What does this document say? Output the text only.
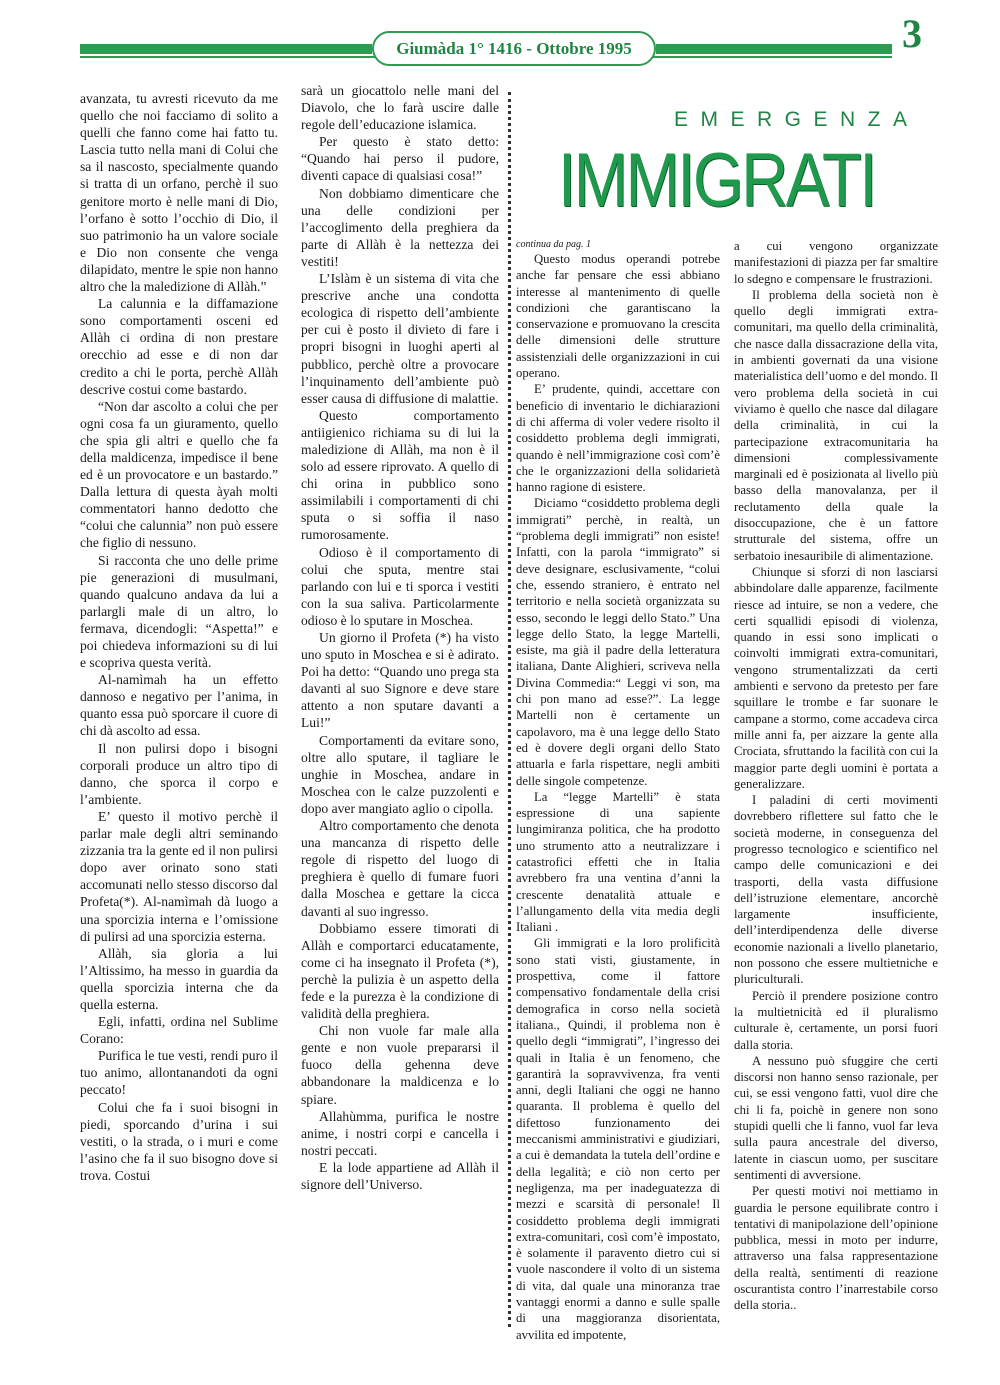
Giumàda 1° 1416 - Ottobre 1995	3
EMERGENZA
IMMIGRATI

avanzata, tu avresti ricevuto da me quello che noi facciamo di solito a quelli che fanno come hai fatto tu. Lascia tutto nella mani di Colui che sa il nascosto, specialmente quando si tratta di un orfano, perchè il suo genitore morto è nelle mani di Dio, l’orfano è sotto l’occhio di Dio, il suo patrimonio ha un valore sociale e Dio non consente che venga dilapidato, mentre le spie non hanno altro che la maledizione di Allàh.”

La calunnia e la diffamazione sono comportamenti osceni ed Allàh ci ordina di non prestare orecchio ad esse e di non dar credito a chi le porta, perchè Allàh descrive costui come bastardo.

“Non dar ascolto a colui che per ogni cosa fa un giuramento, quello che spia gli altri e quello che fa della maldicenza, impedisce il bene ed è un provocatore e un bastardo.” Dalla lettura di questa àyah molti commentatori hanno dedotto che “colui che calunnia” non può essere che figlio di nessuno.

Si racconta che uno delle prime pie generazioni di musulmani, quando qualcuno andava da lui a parlargli male di un altro, lo fermava, dicendogli: “Aspetta!” e poi chiedeva informazioni su di lui e scopriva questa verità.

Al-namìmah ha un effetto dannoso e negativo per l’anima, in quanto essa può sporcare il cuore di chi dà ascolto ad essa.

Il non pulirsi dopo i bisogni corporali produce un altro tipo di danno, che sporca il corpo e l’ambiente.

E’ questo il motivo perchè il parlar male degli altri seminando zizzania tra la gente ed il non pulirsi dopo aver orinato sono stati accomunati nello stesso discorso dal Profeta(*). Al-namìmah dà luogo a una sporcizia interna e l’omissione di pulirsi ad una sporcizia esterna.

Allàh, sia gloria a lui l’Altissimo, ha messo in guardia da quella sporcizia interna che da quella esterna.

Egli, infatti, ordina nel Sublime Corano:

Purifica le tue vesti, rendi puro il tuo animo, allontanandoti da ogni peccato!

Colui che fa i suoi bisogni in piedi, sporcando d’urina i sui vestiti, o la strada, o i muri e come l’asino che fa il suo bisogno dove si trova. Costui

sarà un giocattolo nelle mani del Diavolo, che lo farà uscire dalle regole dell’educazione islamica.

Per questo è stato detto: “Quando hai perso il pudore, diventi capace di qualsiasi cosa!”

Non dobbiamo dimenticare che una delle condizioni per l’accoglimento della preghiera da parte di Allàh è la nettezza dei vestiti!

L’Islàm è un sistema di vita che prescrive anche una condotta ecologica di rispetto dell’ambiente per cui è posto il divieto di fare i propri bisogni in luoghi aperti al pubblico, perchè oltre a provocare l’inquinamento dell’ambiente può esser causa di diffusione di malattie.

Questo comportamento antiigienico richiama su di lui la maledizione di Allàh, ma non è il solo ad essere riprovato. A quello di chi orina in pubblico sono assimilabili i comportamenti di chi sputa o si soffia il naso rumorosamente.

Odioso è il comportamento di colui che sputa, mentre stai parlando con lui e ti sporca i vestiti con la sua saliva. Particolarmente odioso è lo sputare in Moschea.

Un giorno il Profeta (*) ha visto uno sputo in Moschea e si è adirato. Poi ha detto: “Quando uno prega sta davanti al suo Signore e deve stare attento a non sputare davanti a Lui!”

Comportamenti da evitare sono, oltre allo sputare, il tagliare le unghie in Moschea, andare in Moschea con le calze puzzolenti e dopo aver mangiato aglio o cipolla.

Altro comportamento che denota una mancanza di rispetto delle regole di rispetto del luogo di preghiera è quello di fumare fuori dalla Moschea e gettare la cicca davanti al suo ingresso.

Dobbiamo essere timorati di Allàh e comportarci educatamente, come ci ha insegnato il Profeta (*), perchè la pulizia è un aspetto della fede e la purezza è la condizione di validità della preghiera.

Chi non vuole far male alla gente e non vuole prepararsi il fuoco della gehenna deve abbandonare la maldicenza e lo spiare.

Allahùmma, purifica le nostre anime, i nostri corpi e cancella i nostri peccati.

E la lode appartiene ad Allàh il signore dell’Universo.

continua da pag. 1

Questo modus operandi potrebe anche far pensare che essi abbiano interesse al mantenimento di quelle condizioni che garantiscano la conservazione e promuovano la crescita delle dimensioni delle strutture assistenziali delle organizzazioni in cui operano.

E’ prudente, quindi, accettare con beneficio di inventario le dichiarazioni di chi afferma di voler vedere risolto il cosiddetto problema degli immigrati, quando è nell’immigrazione così com’è che le organizzazioni della solidarietà hanno ragione di esistere.

Diciamo “cosiddetto problema degli immigrati” perchè, in realtà, un “problema degli immigrati” non esiste! Infatti, con la parola “immigrato” si deve designare, esclusivamente, “colui che, essendo straniero, è entrato nel territorio e nella società organizzata su esso, secondo le leggi dello Stato.” Una legge dello Stato, la legge Martelli, esiste, ma già il padre della letteratura italiana, Dante Alighieri, scriveva nella Divina Commedia:“ Leggi vi son, ma chi pon mano ad esse?”. La legge Martelli non è certamente un capolavoro, ma è una legge dello Stato ed è dovere degli organi dello Stato attuarla e farla rispettare, negli ambiti delle singole competenze.

La “legge Martelli” è stata espressione di una sapiente lungimiranza politica, che ha prodotto uno strumento atto a neutralizzare i catastrofici effetti che in Italia avrebbero fra una ventina d’anni la crescente denatalità attuale e l’allungamento della vita media degli Italiani .

Gli immigrati e la loro prolificità sono stati visti, giustamente, in prospettiva, come il fattore compensativo fondamentale della crisi demografica in corso nella società italiana., Quindi, il problema non è quello degli “immigrati”, l’ingresso dei quali in Italia è un fenomeno, che garantirà la sopravvivenza, fra venti anni, degli Italiani che oggi ne hanno quaranta. Il problema è quello del difettoso funzionamento dei meccanismi amministrativi e giudiziari, a cui è demandata la tutela dell’ordine e della legalità; e ciò non certo per negligenza, ma per inadeguatezza di mezzi e scarsità di personale! Il cosiddetto problema degli immigrati extra-comunitari, così com’è impostato, è solamente il paravento dietro cui si vuole nascondere il volto di un sistema di vita, dal quale una minoranza trae vantaggi enormi a danno e sulle spalle di una maggioranza disorientata, avvilita ed impotente,

a cui vengono organizzate manifestazioni di piazza per far smaltire lo sdegno e compensare le frustrazioni.

Il problema della società non è quello degli immigrati extra-comunitari, ma quello della criminalità, che nasce dalla dissacrazione della vita, in ambienti governati da una visione materialistica dell’uomo e del mondo. Il vero problema della società in cui viviamo è quello che nasce dal dilagare della criminalità, in cui la partecipazione extracomunitaria ha dimensioni complessivamente marginali ed è posizionata al livello più basso della manovalanza, per il reclutamento della quale la disoccupazione, che è un fattore strutturale del sistema, offre un serbatoio inesauribile di alimentazione.

Chiunque si sforzi di non lasciarsi abbindolare dalle apparenze, facilmente riesce ad intuire, se non a vedere, che certi squallidi episodi di violenza, quando in essi sono implicati o coinvolti immigrati extra-comunitari, vengono strumentalizzati da certi ambienti e servono da pretesto per fare squillare le trombe e far suonare le campane a stormo, come accadeva circa mille anni fa, per aizzare la gente alla Crociata, sfruttando la facilità con cui la maggior parte degli uomini è portata a generalizzare.

I paladini di certi movimenti dovrebbero riflettere sul fatto che le società moderne, in conseguenza del progresso tecnologico e scientifico nel campo delle comunicazioni e dei trasporti, della vasta diffusione dell’istruzione elementare, ancorchè largamente insufficiente, dell’interdipendenza delle diverse economie nazionali a livello planetario, non possono che essere multietniche e pluriculturali.

Perciò il prendere posizione contro la multietnicità ed il pluralismo culturale è, certamente, un porsi fuori dalla storia.

A nessuno può sfuggire che certi discorsi non hanno senso razionale, per cui, se essi vengono fatti, vuol dire che chi li fa, poichè in genere non sono stupidi quelli che li fanno, vuol far leva sulla paura ancestrale del diverso, latente in ciascun uomo, per suscitare sentimenti di avversione.

Per questi motivi noi mettiamo in guardia le persone equilibrate contro i tentativi di manipolazione dell’opinione pubblica, messi in moto per indurre, attraverso una falsa rappresentazione della realtà, sentimenti di reazione oscurantista contro l’inarrestabile corso della storia..
